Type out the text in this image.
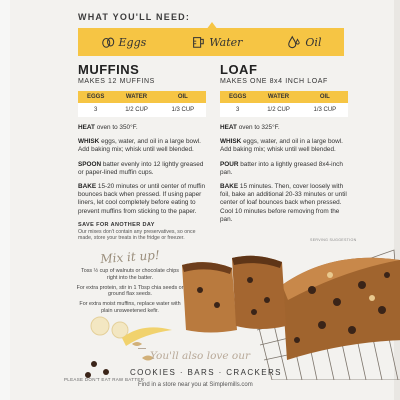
WHAT YOU'LL NEED:
Eggs	Water	Oil
MUFFINS
MAKES 12 MUFFINS
EGGS	WATER	OIL
3	1/2 CUP	1/3 CUP

HEAT oven to 350°F.

WHISK eggs, water, and oil in a large bowl. Add baking mix; whisk until well blended.

SPOON batter evenly into 12 lightly greased or paper-lined muffin cups.

BAKE 15-20 minutes or until center of muffin bounces back when pressed. If using paper liners, let cool completely before eating to prevent muffins from sticking to the paper.

SAVE FOR ANOTHER DAY
Our mixes don't contain any preservatives, so once made, store your treats in the fridge or freezer.
LOAF
MAKES ONE 8x4 INCH LOAF
EGGS	WATER	OIL
3	1/2 CUP	1/3 CUP

HEAT oven to 325°F.

WHISK eggs, water, and oil in a large bowl. Add baking mix; whisk until well blended.

POUR batter into a lightly greased 8x4-inch pan.

BAKE 15 minutes. Then, cover loosely with foil, bake an additional 20-33 minutes or until center of loaf bounces back when pressed. Cool 10 minutes before removing from the pan.

Mix it up!
Toss ½ cup of walnuts or chocolate chips right into the batter.
For extra protein, stir in 1 Tbsp chia seeds or ground flax seeds.
For extra moist muffins, replace water with plain unsweetened kefir.
SERVING SUGGESTION
You'll also love our
COOKIES · BARS · CRACKERS
Find in a store near you at Simplemills.com
PLEASE DON'T EAT RAW BATTER
